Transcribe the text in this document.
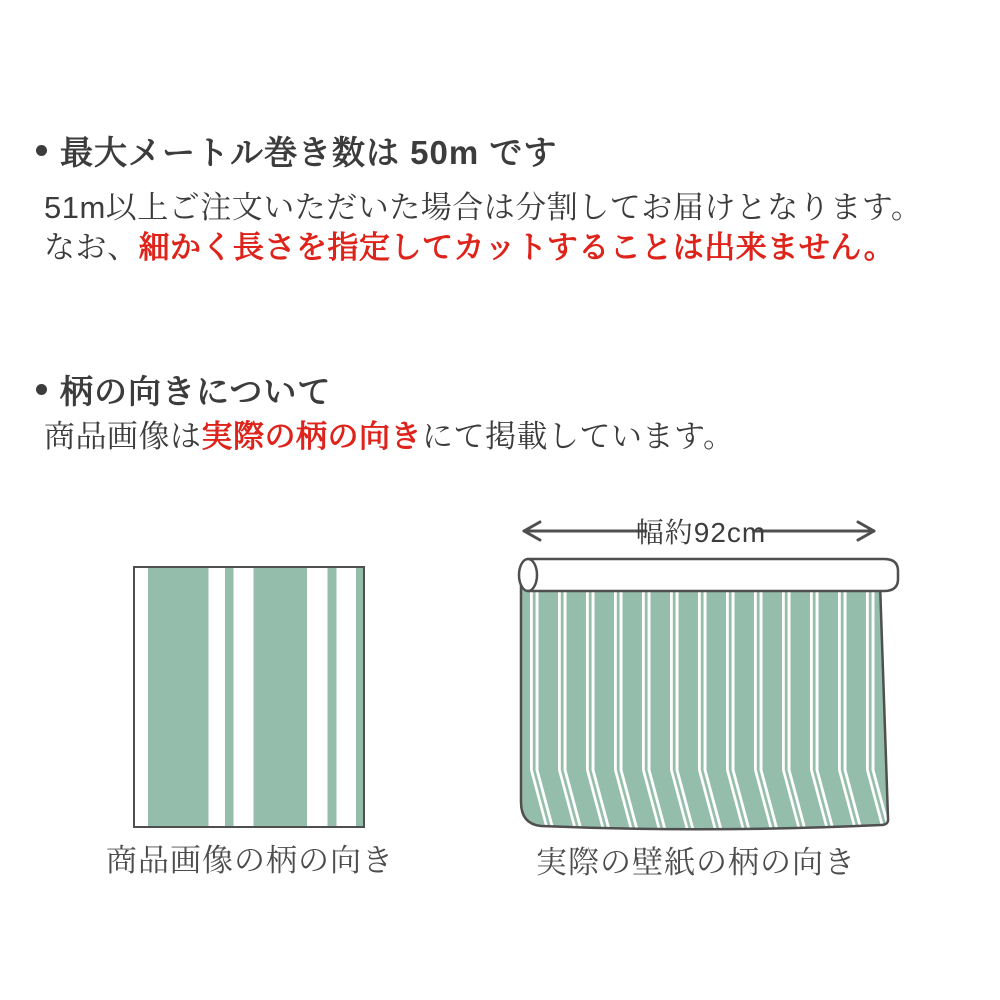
最大メートル巻き数は 50m です
51m以上ご注文いただいた場合は分割してお届けとなります。
なお、細かく長さを指定してカットすることは出来ません。
柄の向きについて
商品画像は実際の柄の向きにて掲載しています。
商品画像の柄の向き
幅約92cm
実際の壁紙の柄の向き
